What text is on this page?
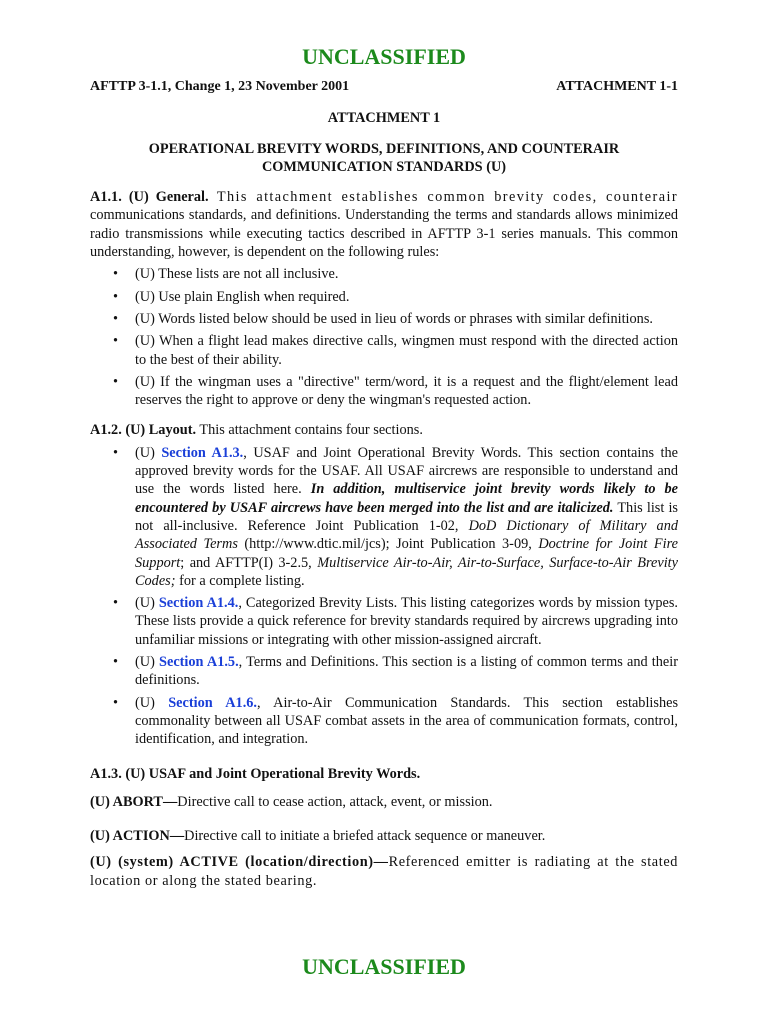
UNCLASSIFIED
AFTTP 3-1.1, Change 1, 23 November 2001	ATTACHMENT 1-1

ATTACHMENT 1

OPERATIONAL BREVITY WORDS, DEFINITIONS, AND COUNTERAIR

COMMUNICATION STANDARDS (U)

A1.1. (U) General. This attachment establishes common brevity codes, counterair communications standards, and definitions. Understanding the terms and standards allows minimized radio transmissions while executing tactics described in AFTTP 3-1 series manuals. This common understanding, however, is dependent on the following rules:

• (U) These lists are not all inclusive.
• (U) Use plain English when required.
• (U) Words listed below should be used in lieu of words or phrases with similar definitions.
• (U) When a flight lead makes directive calls, wingmen must respond with the directed action to the best of their ability.
• (U) If the wingman uses a "directive" term/word, it is a request and the flight/element lead reserves the right to approve or deny the wingman's requested action.

A1.2. (U) Layout. This attachment contains four sections.

• (U) Section A1.3., USAF and Joint Operational Brevity Words. This section contains the approved brevity words for the USAF. All USAF aircrews are responsible to understand and use the words listed here. In addition, multiservice joint brevity words likely to be encountered by USAF aircrews have been merged into the list and are italicized. This list is not all-inclusive. Reference Joint Publication 1-02, DoD Dictionary of Military and Associated Terms (http://www.dtic.mil/jcs); Joint Publication 3-09, Doctrine for Joint Fire Support; and AFTTP(I) 3-2.5, Multiservice Air-to-Air, Air-to-Surface, Surface-to-Air Brevity Codes; for a complete listing.
• (U) Section A1.4., Categorized Brevity Lists. This listing categorizes words by mission types. These lists provide a quick reference for brevity standards required by aircrews upgrading into unfamiliar missions or integrating with other mission-assigned aircraft.
• (U) Section A1.5., Terms and Definitions. This section is a listing of common terms and their definitions.
• (U) Section A1.6., Air-to-Air Communication Standards. This section establishes commonality between all USAF combat assets in the area of communication formats, control, identification, and integration.

A1.3. (U) USAF and Joint Operational Brevity Words.

(U) ABORT—Directive call to cease action, attack, event, or mission.

(U) ACTION—Directive call to initiate a briefed attack sequence or maneuver.

(U) (system) ACTIVE (location/direction)—Referenced emitter is radiating at the stated location or along the stated bearing.

UNCLASSIFIED
